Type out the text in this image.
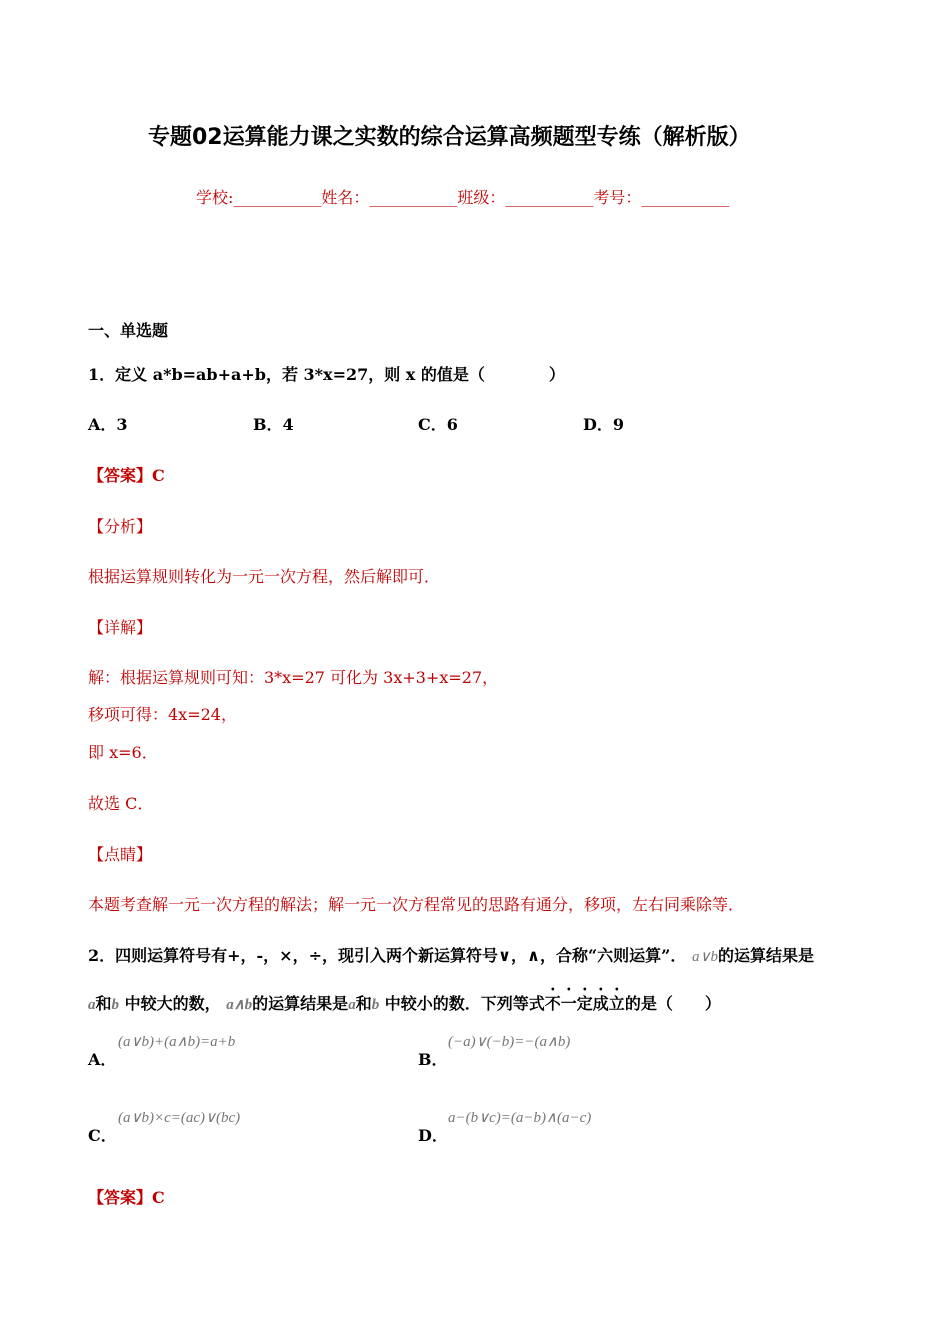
专题02运算能力课之实数的综合运算高频题型专练（解析版）
学校:___________姓名：___________班级：___________考号：___________
一、单选题
1．定义 a*b=ab+a+b，若 3*x=27，则 x 的值是（　　　　）
A．3	B．4	C．6	D．9
【答案】C
【分析】
根据运算规则转化为一元一次方程，然后解即可．
【详解】
解：根据运算规则可知：3*x=27 可化为 3x+3+x=27，
移项可得：4x=24，
即 x=6．
故选 C．
【点睛】
本题考查解一元一次方程的解法；解一元一次方程常见的思路有通分，移项，左右同乘除等．
2．四则运算符号有+，-，×，÷，现引入两个新运算符号∨，∧，合称“六则运算”． a∨b的运算结果是
a和b 中较大的数， a∧b的运算结果是a和b 中较小的数．下列等式不一定成立的是（　　）
A．
(a∨b)+(a∧b)=a+b
B．
(−a)∨(−b)=−(a∧b)
C．
(a∨b)×c=(ac)∨(bc)
D．
a−(b∨c)=(a−b)∧(a−c)
【答案】C
